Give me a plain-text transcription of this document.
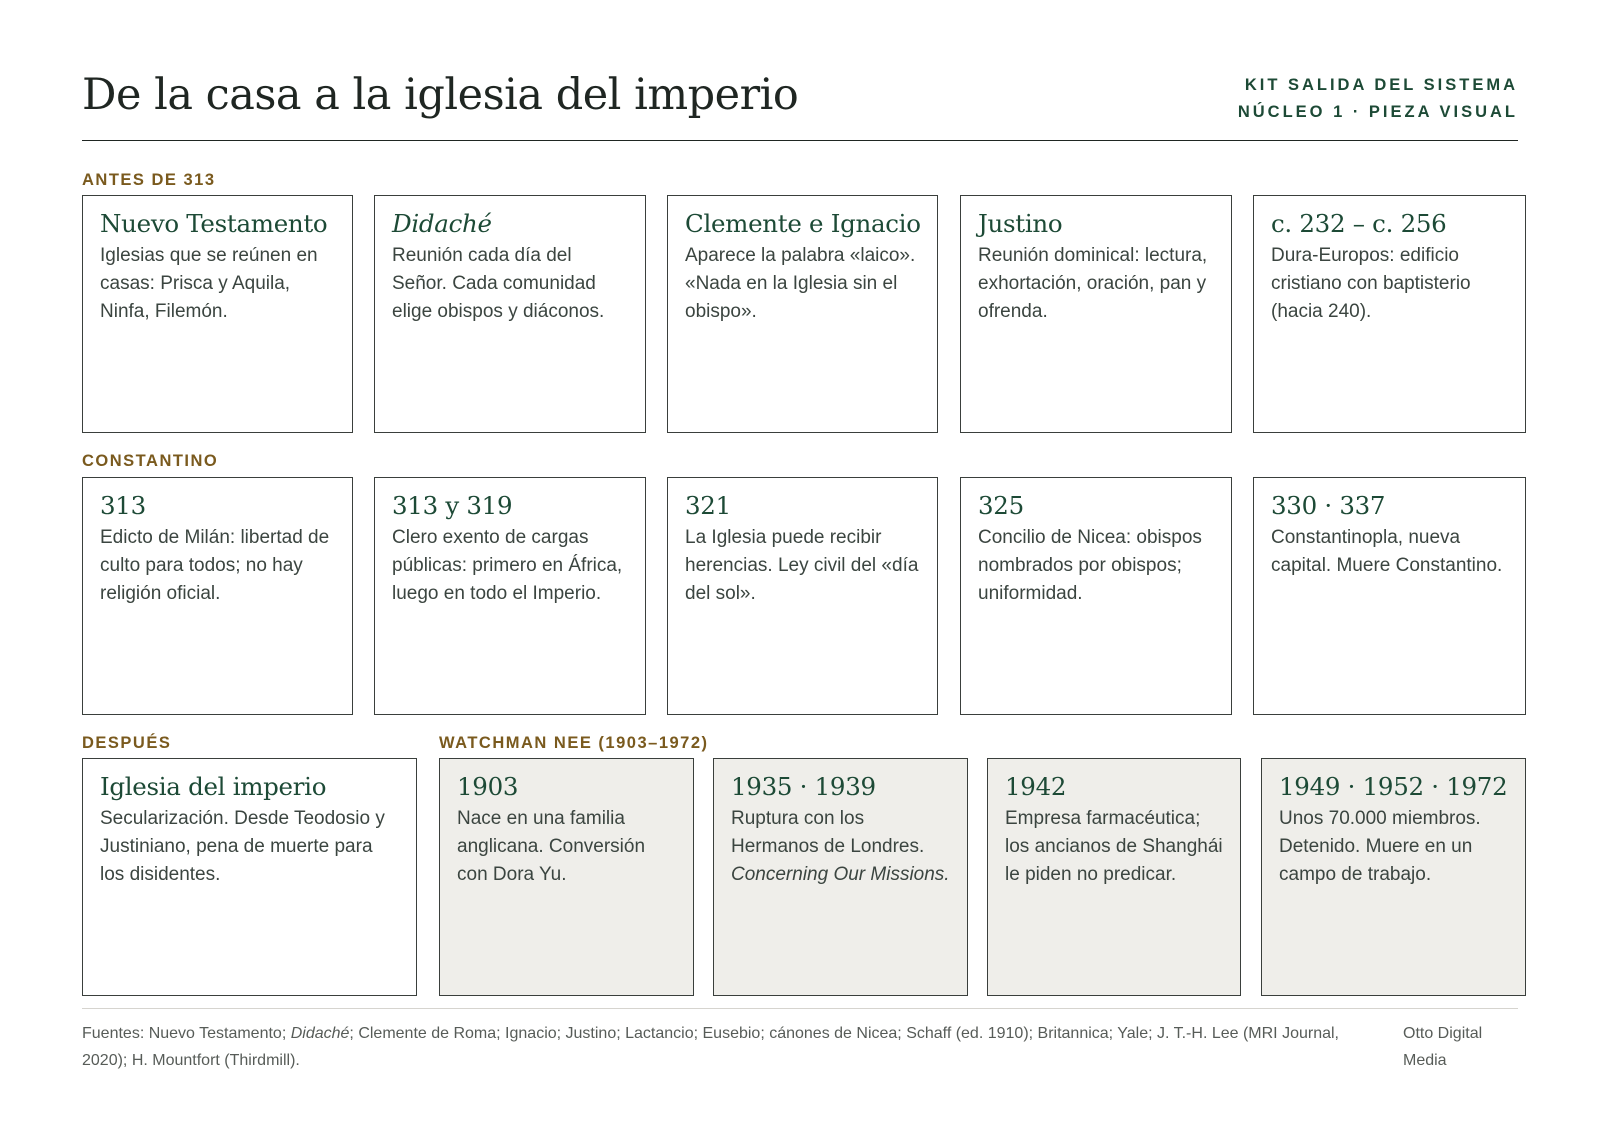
De la casa a la iglesia del imperio	KIT SALIDA DEL SISTEMA
NÚCLEO 1 · PIEZA VISUAL
ANTES DE 313
Nuevo Testamento
Iglesias que se reúnen en casas: Prisca y Aquila, Ninfa, Filemón.
Didaché
Reunión cada día del Señor. Cada comunidad elige obispos y diáconos.
Clemente e Ignacio
Aparece la palabra «laico». «Nada en la Iglesia sin el obispo».
Justino
Reunión dominical: lectura, exhortación, oración, pan y ofrenda.
c. 232 – c. 256
Dura-Europos: edificio cristiano con baptisterio (hacia 240).
CONSTANTINO
313
Edicto de Milán: libertad de culto para todos; no hay religión oficial.
313 y 319
Clero exento de cargas públicas: primero en África, luego en todo el Imperio.
321
La Iglesia puede recibir herencias. Ley civil del «día del sol».
325
Concilio de Nicea: obispos nombrados por obispos; uniformidad.
330 · 337
Constantinopla, nueva capital. Muere Constantino.
DESPUÉS	WATCHMAN NEE (1903–1972)
Iglesia del imperio
Secularización. Desde Teodosio y Justiniano, pena de muerte para los disidentes.
1903
Nace en una familia anglicana. Conversión con Dora Yu.
1935 · 1939
Ruptura con los Hermanos de Londres. Concerning Our Missions.
1942
Empresa farmacéutica; los ancianos de Shanghái le piden no predicar.
1949 · 1952 · 1972
Unos 70.000 miembros. Detenido. Muere en un campo de trabajo.
Fuentes: Nuevo Testamento; Didaché; Clemente de Roma; Ignacio; Justino; Lactancio; Eusebio; cánones de Nicea; Schaff (ed. 1910); Britannica; Yale; J. T.-H. Lee (MRI Journal, 2020); H. Mountfort (Thirdmill).
Otto Digital Media
